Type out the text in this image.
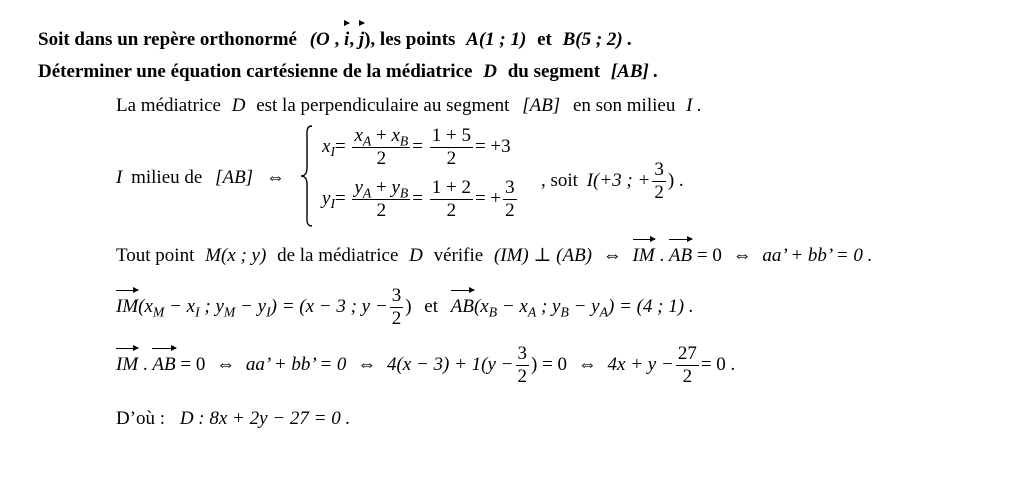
Soit dans un repère orthonormé (O , i, j), les points A(1 ; 1) et B(5 ; 2) .
Déterminer une équation cartésienne de la médiatrice D du segment [AB] .
La médiatrice D est la perpendiculaire au segment [AB] en son milieu I .
I milieu de [AB] ⇔
$x_I= \frac{x_A + x_B}{2} = \frac{1 + 5}{2} = +3$
$y_I= \frac{y_A + y_B}{2} = \frac{1 + 2}{2}$ = + $\frac{3}{2}$ , soit I(+3 ; + $\frac{3}{2}$ ) .
Tout point M(x ; y) de la médiatrice D vérifie (IM) ⊥ (AB) ⇔ IM . AB = 0 ⇔ aa’ + bb’ = 0 .
$IM(x_M - x_I$ ; $y_M - y_I) = (x - 3$ ; $y - \frac{3}{2}$ ) et $AB(x_B - x_A$ ; $y_B - y_A) = (4$ ; 1) .
IM . AB = 0 ⇔ aa’ + bb’ = 0 ⇔ $4(x - 3) + 1(y - \frac{3}{2}$ ) = 0 ⇔ $4x + y - \frac{27}{2} = 0$ .
D’où : D : 8x + 2y − 27 = 0 .
